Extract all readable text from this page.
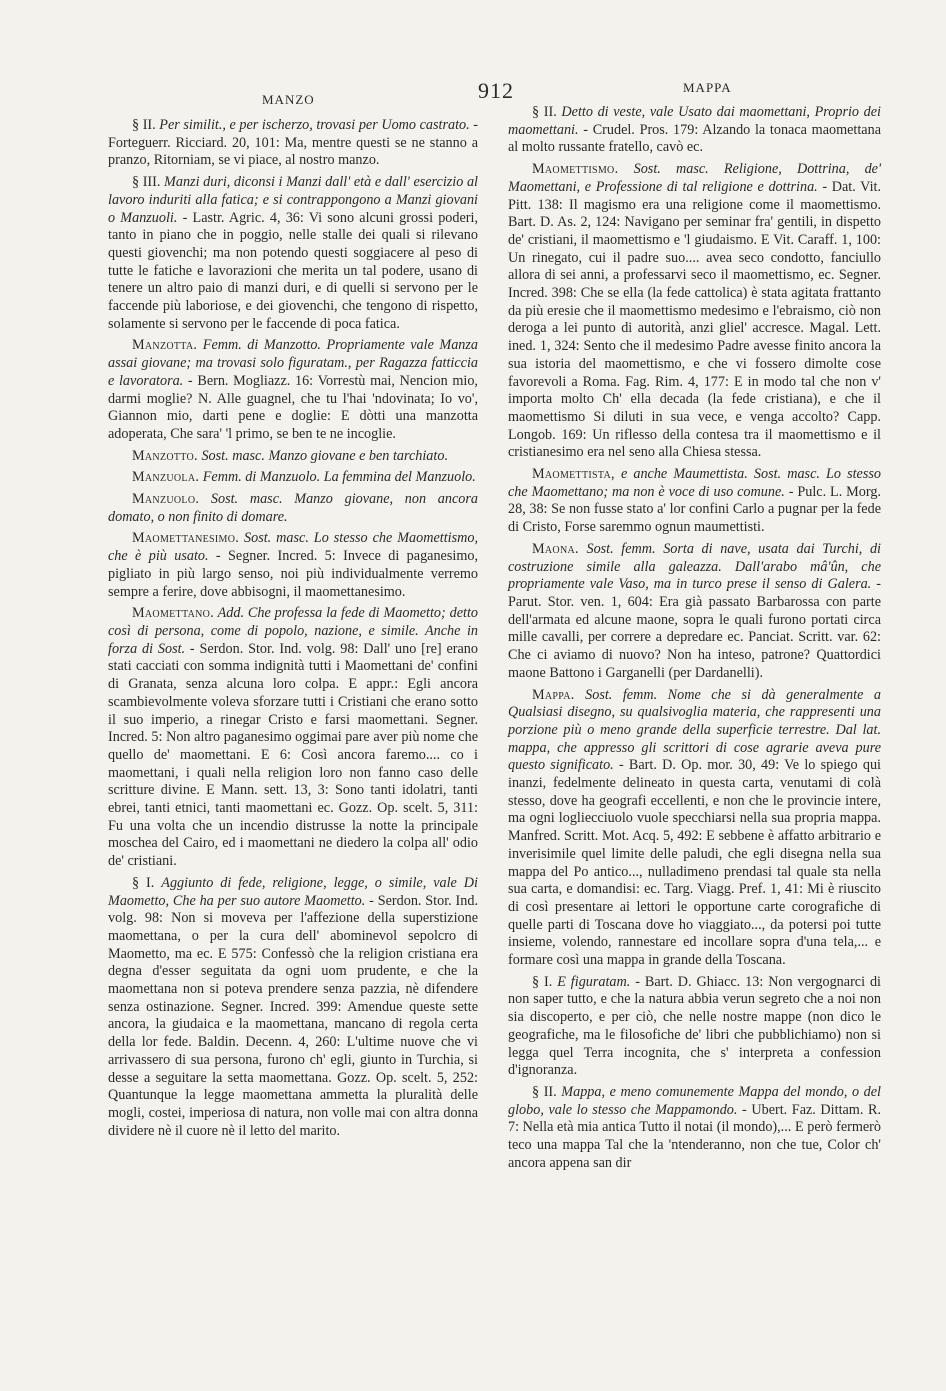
MANZO	912	MAPPA

§ II. Per similit., e per ischerzo, trovasi per Uomo castrato. - Forteguerr. Ricciard. 20, 101: Ma, mentre questi se ne stanno a pranzo, Ritorniam, se vi piace, al nostro manzo.

§ III. Manzi duri, diconsi i Manzi dall' età e dall' esercizio al lavoro induriti alla fatica; e si contrappongono a Manzi giovani o Manzuoli. - Lastr. Agric. 4, 36: Vi sono alcuni grossi poderi, tanto in piano che in poggio, nelle stalle dei quali si rilevano questi giovenchi; ma non potendo questi soggiacere al peso di tutte le fatiche e lavorazioni che merita un tal podere, usano di tenere un altro paio di manzi duri, e di quelli si servono per le faccende più laboriose, e dei giovenchi, che tengono di rispetto, solamente si servono per le faccende di poca fatica.

Manzotta. Femm. di Manzotto. Propriamente vale Manza assai giovane; ma trovasi solo figuratam., per Ragazza fatticcia e lavoratora. - Bern. Mogliazz. 16: Vorrestù mai, Nencion mio, darmi moglie? N. Alle guagnel, che tu l'hai 'ndovinata; Io vo', Giannon mio, darti pene e doglie: E dòtti una manzotta adoperata, Che sara' 'l primo, se ben te ne incoglie.

Manzotto. Sost. masc. Manzo giovane e ben tarchiato.

Manzuola. Femm. di Manzuolo. La femmina del Manzuolo.

Manzuolo. Sost. masc. Manzo giovane, non ancora domato, o non finito di domare.

Maomettanesimo. Sost. masc. Lo stesso che Maomettismo, che è più usato. - Segner. Incred. 5: Invece di paganesimo, pigliato in più largo senso, noi più individualmente verremo sempre a ferire, dove abbisogni, il maomettanesimo.

Maomettano. Add. Che professa la fede di Maometto; detto così di persona, come di popolo, nazione, e simile. Anche in forza di Sost. - Serdon. Stor. Ind. volg. 98: Dall' uno [re] erano stati cacciati con somma indignità tutti i Maomettani de' confini di Granata, senza alcuna loro colpa. E appr.: Egli ancora scambievolmente voleva sforzare tutti i Cristiani che erano sotto il suo imperio, a rinegar Cristo e farsi maomettani. Segner. Incred. 5: Non altro paganesimo oggimai pare aver più nome che quello de' maomettani. E 6: Così ancora faremo.... co i maomettani, i quali nella religion loro non fanno caso delle scritture divine. E Mann. sett. 13, 3: Sono tanti idolatri, tanti ebrei, tanti etnici, tanti maomettani ec. Gozz. Op. scelt. 5, 311: Fu una volta che un incendio distrusse la notte la principale moschea del Cairo, ed i maomettani ne diedero la colpa all' odio de' cristiani.

§ I. Aggiunto di fede, religione, legge, o simile, vale Di Maometto, Che ha per suo autore Maometto. - Serdon. Stor. Ind. volg. 98: Non si moveva per l'affezione della superstizione maomettana, o per la cura dell' abominevol sepolcro di Maometto, ma ec. E 575: Confessò che la religion cristiana era degna d'esser seguitata da ogni uom prudente, e che la maomettana non si poteva prendere senza pazzia, nè difendere senza ostinazione. Segner. Incred. 399: Amendue queste sette ancora, la giudaica e la maomettana, mancano di regola certa della lor fede. Baldin. Decenn. 4, 260: L'ultime nuove che vi arrivassero di sua persona, furono ch' egli, giunto in Turchia, si desse a seguitare la setta maomettana. Gozz. Op. scelt. 5, 252: Quantunque la legge maomettana ammetta la pluralità delle mogli, costei, imperiosa di natura, non volle mai con altra donna dividere nè il cuore nè il letto del marito.

§ II. Detto di veste, vale Usato dai maomettani, Proprio dei maomettani. - Crudel. Pros. 179: Alzando la tonaca maomettana al molto russante fratello, cavò ec.

Maomettismo. Sost. masc. Religione, Dottrina, de' Maomettani, e Professione di tal religione e dottrina. - Dat. Vit. Pitt. 138: Il magismo era una religione come il maomettismo. Bart. D. As. 2, 124: Navigano per seminar fra' gentili, in dispetto de' cristiani, il maomettismo e 'l giudaismo. E Vit. Caraff. 1, 100: Un rinegato, cui il padre suo.... avea seco condotto, fanciullo allora di sei anni, a professarvi seco il maomettismo, ec. Segner. Incred. 398: Che se ella (la fede cattolica) è stata agitata frattanto da più eresie che il maomettismo medesimo e l'ebraismo, ciò non deroga a lei punto di autorità, anzi gliel' accresce. Magal. Lett. ined. 1, 324: Sento che il medesimo Padre avesse finito ancora la sua istoria del maomettismo, e che vi fossero dimolte cose favorevoli a Roma. Fag. Rim. 4, 177: E in modo tal che non v' importa molto Ch' ella decada (la fede cristiana), e che il maomettismo Si diluti in sua vece, e venga accolto? Capp. Longob. 169: Un riflesso della contesa tra il maomettismo e il cristianesimo era nel seno alla Chiesa stessa.

Maomettista, e anche Maumettista. Sost. masc. Lo stesso che Maomettano; ma non è voce di uso comune. - Pulc. L. Morg. 28, 38: Se non fusse stato a' lor confini Carlo a pugnar per la fede di Cristo, Forse saremmo ognun maumettisti.

Maona. Sost. femm. Sorta di nave, usata dai Turchi, di costruzione simile alla galeazza. Dall'arabo mâ'ûn, che propriamente vale Vaso, ma in turco prese il senso di Galera. - Parut. Stor. ven. 1, 604: Era già passato Barbarossa con parte dell'armata ed alcune maone, sopra le quali furono portati circa mille cavalli, per correre a depredare ec. Panciat. Scritt. var. 62: Che ci aviamo di nuovo? Non ha inteso, patrone? Quattordici maone Battono i Garganelli (per Dardanelli).

Mappa. Sost. femm. Nome che si dà generalmente a Qualsiasi disegno, su qualsivoglia materia, che rappresenti una porzione più o meno grande della superficie terrestre. Dal lat. mappa, che appresso gli scrittori di cose agrarie aveva pure questo significato. - Bart. D. Op. mor. 30, 49: Ve lo spiego qui inanzi, fedelmente delineato in questa carta, venutami di colà stesso, dove ha geografi eccellenti, e non che le provincie intere, ma ogni logliecciuolo vuole specchiarsi nella sua propria mappa. Manfred. Scritt. Mot. Acq. 5, 492: E sebbene è affatto arbitrario e inverisimile quel limite delle paludi, che egli disegna nella sua mappa del Po antico..., nulladimeno prendasi tal quale sta nella sua carta, e domandisi: ec. Targ. Viagg. Pref. 1, 41: Mi è riuscito di così presentare ai lettori le opportune carte corografiche di quelle parti di Toscana dove ho viaggiato..., da potersi poi tutte insieme, volendo, rannestare ed incollare sopra d'una tela,... e formare così una mappa in grande della Toscana.

§ I. E figuratam. - Bart. D. Ghiacc. 13: Non vergognarci di non saper tutto, e che la natura abbia verun segreto che a noi non sia discoperto, e per ciò, che nelle nostre mappe (non dico le geografiche, ma le filosofiche de' libri che pubblichiamo) non si legga quel Terra incognita, che s' interpreta a confession d'ignoranza.

§ II. Mappa, e meno comunemente Mappa del mondo, o del globo, vale lo stesso che Mappamondo. - Ubert. Faz. Dittam. R. 7: Nella età mia antica Tutto il notai (il mondo),... E però fermerò teco una mappa Tal che la 'ntenderanno, non che tue, Color ch' ancora appena san dir
